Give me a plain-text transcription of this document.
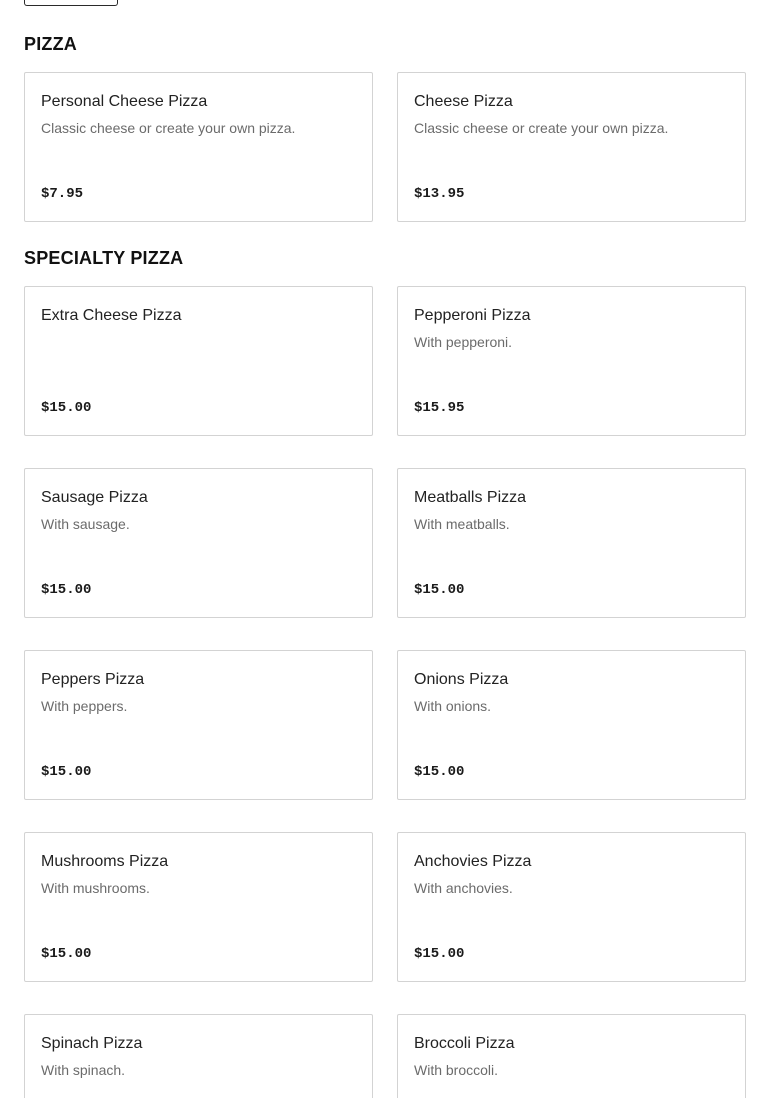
PIZZA
Personal Cheese Pizza
Classic cheese or create your own pizza.
$7.95
Cheese Pizza
Classic cheese or create your own pizza.
$13.95
SPECIALTY PIZZA
Extra Cheese Pizza
$15.00
Pepperoni Pizza
With pepperoni.
$15.95
Sausage Pizza
With sausage.
$15.00
Meatballs Pizza
With meatballs.
$15.00
Peppers Pizza
With peppers.
$15.00
Onions Pizza
With onions.
$15.00
Mushrooms Pizza
With mushrooms.
$15.00
Anchovies Pizza
With anchovies.
$15.00
Spinach Pizza
With spinach.
Broccoli Pizza
With broccoli.
